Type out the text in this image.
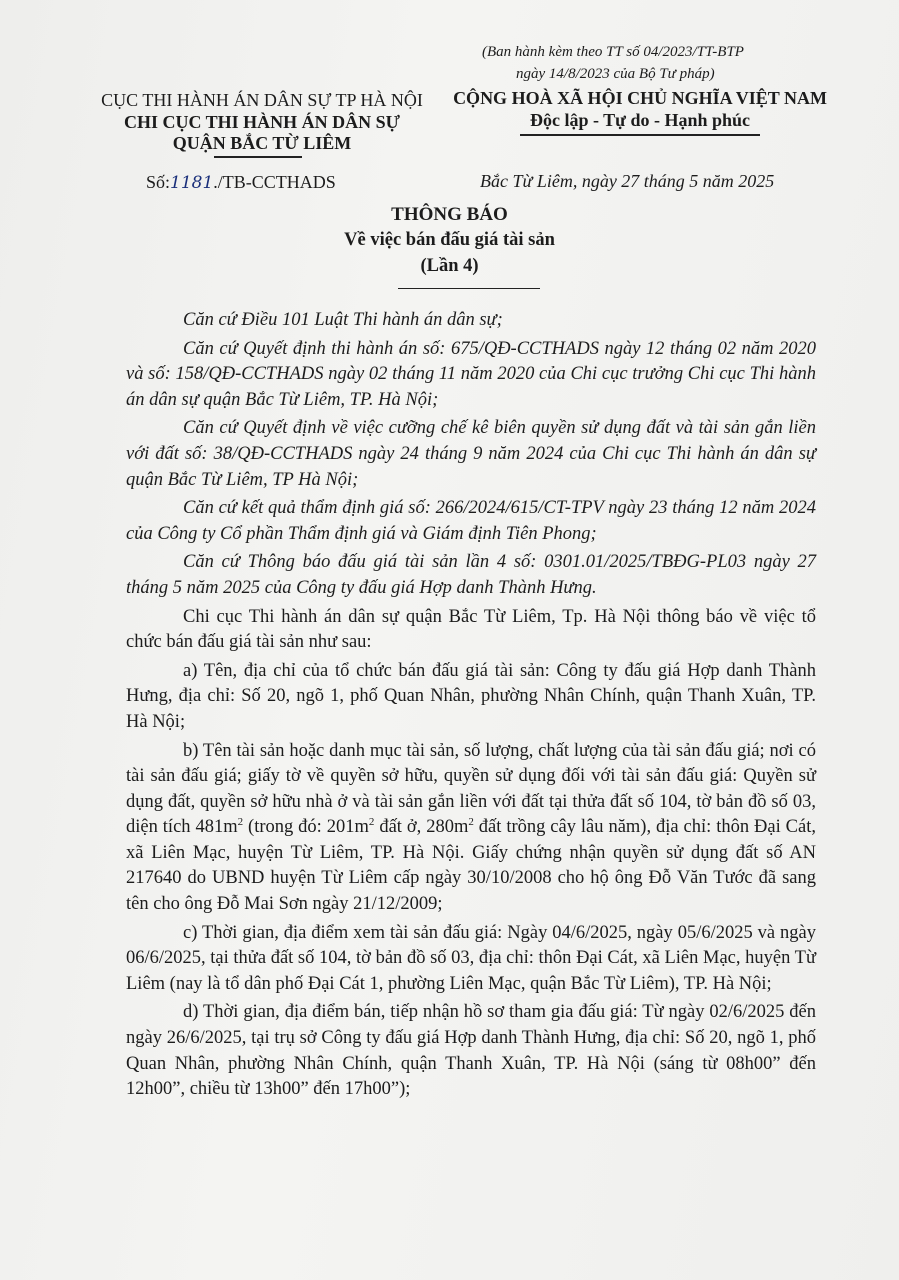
(Ban hành kèm theo TT số 04/2023/TT-BTP
ngày 14/8/2023 của Bộ Tư pháp)
CỤC THI HÀNH ÁN DÂN SỰ TP HÀ NỘI
CHI CỤC THI HÀNH ÁN DÂN SỰ
QUẬN BẮC TỪ LIÊM
CỘNG HOÀ XÃ HỘI CHỦ NGHĨA VIỆT NAM
Độc lập - Tự do - Hạnh phúc
Số:1181./TB-CCTHADS	Bắc Từ Liêm, ngày 27 tháng 5 năm 2025
THÔNG BÁO
Về việc bán đấu giá tài sản
(Lần 4)

Căn cứ Điều 101 Luật Thi hành án dân sự;

Căn cứ Quyết định thi hành án số: 675/QĐ-CCTHADS ngày 12 tháng 02 năm 2020 và số: 158/QĐ-CCTHADS ngày 02 tháng 11 năm 2020 của Chi cục trưởng Chi cục Thi hành án dân sự quận Bắc Từ Liêm, TP. Hà Nội;

Căn cứ Quyết định về việc cưỡng chế kê biên quyền sử dụng đất và tài sản gắn liền với đất số: 38/QĐ-CCTHADS ngày 24 tháng 9 năm 2024 của Chi cục Thi hành án dân sự quận Bắc Từ Liêm, TP Hà Nội;

Căn cứ kết quả thẩm định giá số: 266/2024/615/CT-TPV ngày 23 tháng 12 năm 2024 của Công ty Cổ phần Thẩm định giá và Giám định Tiên Phong;

Căn cứ Thông báo đấu giá tài sản lần 4 số: 0301.01/2025/TBĐG-PL03 ngày 27 tháng 5 năm 2025 của Công ty đấu giá Hợp danh Thành Hưng.

Chi cục Thi hành án dân sự quận Bắc Từ Liêm, Tp. Hà Nội thông báo về việc tổ chức bán đấu giá tài sản như sau:

a) Tên, địa chỉ của tổ chức bán đấu giá tài sản: Công ty đấu giá Hợp danh Thành Hưng, địa chỉ: Số 20, ngõ 1, phố Quan Nhân, phường Nhân Chính, quận Thanh Xuân, TP. Hà Nội;

b) Tên tài sản hoặc danh mục tài sản, số lượng, chất lượng của tài sản đấu giá; nơi có tài sản đấu giá; giấy tờ về quyền sở hữu, quyền sử dụng đối với tài sản đấu giá: Quyền sử dụng đất, quyền sở hữu nhà ở và tài sản gắn liền với đất tại thửa đất số 104, tờ bản đồ số 03, diện tích $481m^2$ (trong đó: $201m^2$ đất ở, $280m^2$ đất trồng cây lâu năm), địa chỉ: thôn Đại Cát, xã Liên Mạc, huyện Từ Liêm, TP. Hà Nội. Giấy chứng nhận quyền sử dụng đất số AN 217640 do UBND huyện Từ Liêm cấp ngày 30/10/2008 cho hộ ông Đỗ Văn Tước đã sang tên cho ông Đỗ Mai Sơn ngày 21/12/2009;

c) Thời gian, địa điểm xem tài sản đấu giá: Ngày 04/6/2025, ngày 05/6/2025 và ngày 06/6/2025, tại thửa đất số 104, tờ bản đồ số 03, địa chỉ: thôn Đại Cát, xã Liên Mạc, huyện Từ Liêm (nay là tổ dân phố Đại Cát 1, phường Liên Mạc, quận Bắc Từ Liêm), TP. Hà Nội;

d) Thời gian, địa điểm bán, tiếp nhận hồ sơ tham gia đấu giá: Từ ngày 02/6/2025 đến ngày 26/6/2025, tại trụ sở Công ty đấu giá Hợp danh Thành Hưng, địa chỉ: Số 20, ngõ 1, phố Quan Nhân, phường Nhân Chính, quận Thanh Xuân, TP. Hà Nội (sáng từ 08h00” đến 12h00”, chiều từ 13h00” đến 17h00”);
